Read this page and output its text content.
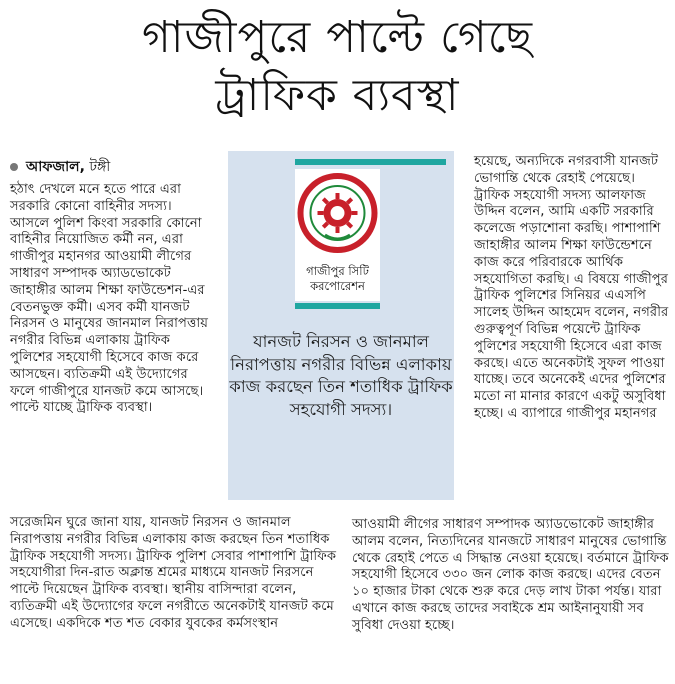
গাজীপুরে পাল্টে গেছে
ট্রাফিক ব্যবস্থা
আফজাল, টঙ্গী
হঠাৎ দেখলে মনে হতে পারে এরা সরকারি কোনো বাহিনীর সদস্য। আসলে পুলিশ কিংবা সরকারি কোনো বাহিনীর নিয়োজিত কর্মী নন, এরা গাজীপুর মহানগর আওয়ামী লীগের সাধারণ সম্পাদক অ্যাডভোকেট জাহাঙ্গীর আলম শিক্ষা ফাউন্ডেশন-এর বেতনভুক্ত কর্মী। এসব কর্মী যানজট নিরসন ও মানুষের জানমাল নিরাপত্তায় নগরীর বিভিন্ন এলাকায় ট্রাফিক পুলিশের সহযোগী হিসেবে কাজ করে আসছেন। ব্যতিক্রমী এই উদ্যোগের ফলে গাজীপুরে যানজট কমে আসছে। পাল্টে যাচ্ছে ট্রাফিক ব্যবস্থা।
গাজীপুর সিটি করপোরেশন
যানজট নিরসন ও জানমাল নিরাপত্তায় নগরীর বিভিন্ন এলাকায় কাজ করছেন তিন শতাধিক ট্রাফিক সহযোগী সদস্য।
হয়েছে, অন্যদিকে নগরবাসী যানজট ভোগান্তি থেকে রেহাই পেয়েছে। ট্রাফিক সহযোগী সদস্য আলফাজ উদ্দিন বলেন, আমি একটি সরকারি কলেজে পড়াশোনা করছি। পাশাপাশি জাহাঙ্গীর আলম শিক্ষা ফাউন্ডেশনে কাজ করে পরিবারকে আর্থিক সহযোগিতা করছি। এ বিষয়ে গাজীপুর ট্রাফিক পুলিশের সিনিয়র এএসপি সালেহ উদ্দিন আহমেদ বলেন, নগরীর গুরুত্বপূর্ণ বিভিন্ন পয়েন্টে ট্রাফিক পুলিশের সহযোগী হিসেবে এরা কাজ করছে। এতে অনেকটাই সুফল পাওয়া যাচ্ছে। তবে অনেকেই এদের পুলিশের মতো না মানার কারণে একটু অসুবিধা হচ্ছে। এ ব্যাপারে গাজীপুর মহানগর
সরেজমিন ঘুরে জানা যায়, যানজট নিরসন ও জানমাল নিরাপত্তায় নগরীর বিভিন্ন এলাকায় কাজ করছেন তিন শতাধিক ট্রাফিক সহযোগী সদস্য। ট্রাফিক পুলিশ সেবার পাশাপাশি ট্রাফিক সহযোগীরা দিন-রাত অক্লান্ত শ্রমের মাধ্যমে যানজট নিরসনে পাল্টে দিয়েছেন ট্রাফিক ব্যবস্থা। স্থানীয় বাসিন্দারা বলেন, ব্যতিক্রমী এই উদ্যোগের ফলে নগরীতে অনেকটাই যানজট কমে এসেছে। একদিকে শত শত বেকার যুবকের কর্মসংস্থান
আওয়ামী লীগের সাধারণ সম্পাদক অ্যাডভোকেট জাহাঙ্গীর আলম বলেন, নিত্যদিনের যানজটে সাধারণ মানুষের ভোগান্তি থেকে রেহাই পেতে এ সিদ্ধান্ত নেওয়া হয়েছে। বর্তমানে ট্রাফিক সহযোগী হিসেবে ৩৩০ জন লোক কাজ করছে। এদের বেতন ১০ হাজার টাকা থেকে শুরু করে দেড় লাখ টাকা পর্যন্ত। যারা এখানে কাজ করছে তাদের সবাইকে শ্রম আইনানুযায়ী সব সুবিধা দেওয়া হচ্ছে।
